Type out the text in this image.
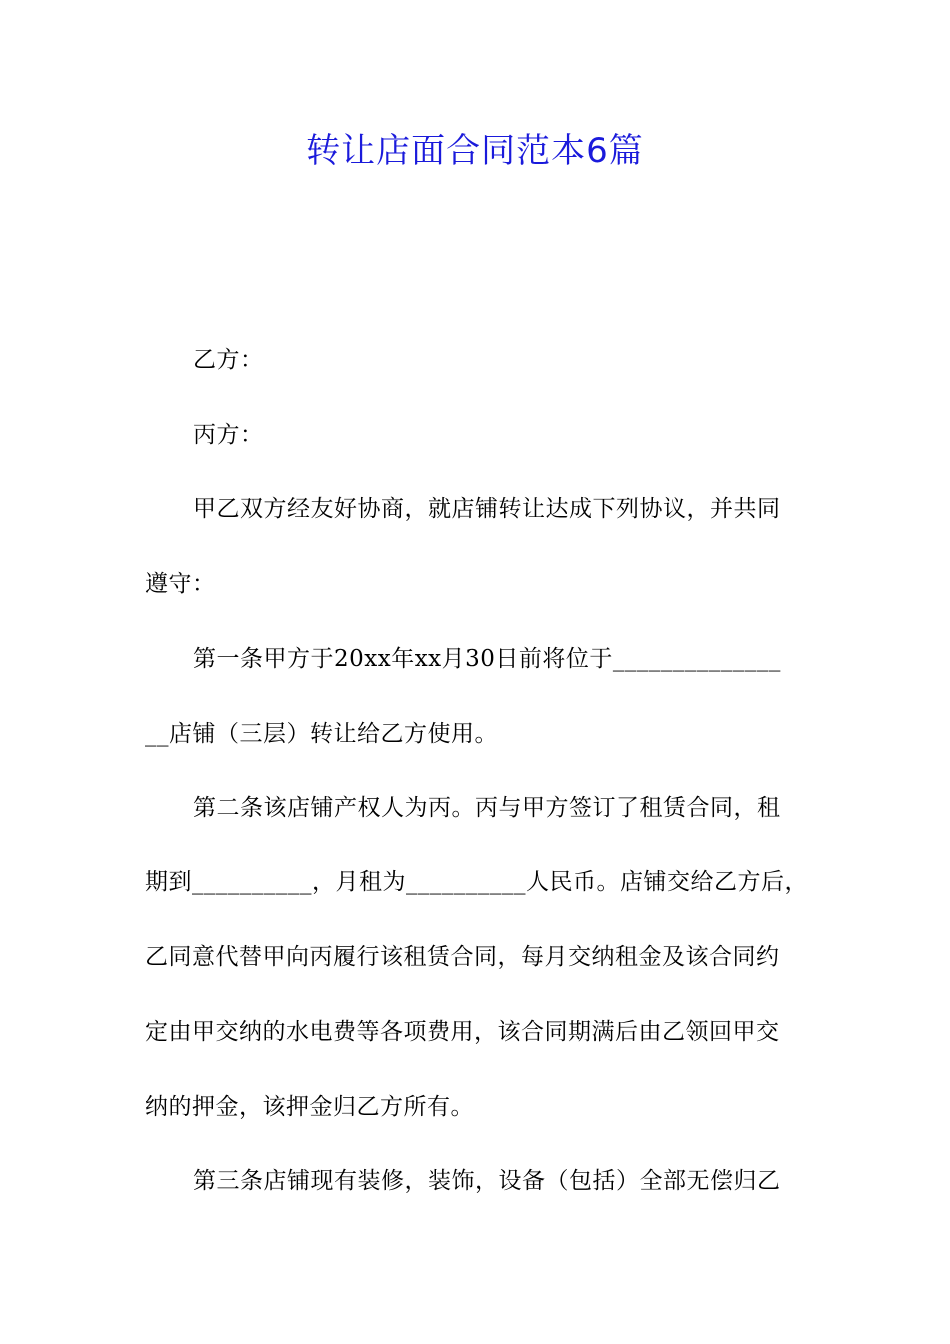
转让店面合同范本6篇
乙方：
丙方：
甲乙双方经友好协商，就店铺转让达成下列协议，并共同
遵守：
第一条甲方于20xx年xx月30日前将位于______________
__店铺（三层）转让给乙方使用。
第二条该店铺产权人为丙。丙与甲方签订了租赁合同，租
期到__________，月租为__________人民币。店铺交给乙方后，
乙同意代替甲向丙履行该租赁合同，每月交纳租金及该合同约
定由甲交纳的水电费等各项费用，该合同期满后由乙领回甲交
纳的押金，该押金归乙方所有。
第三条店铺现有装修，装饰，设备（包括）全部无偿归乙
